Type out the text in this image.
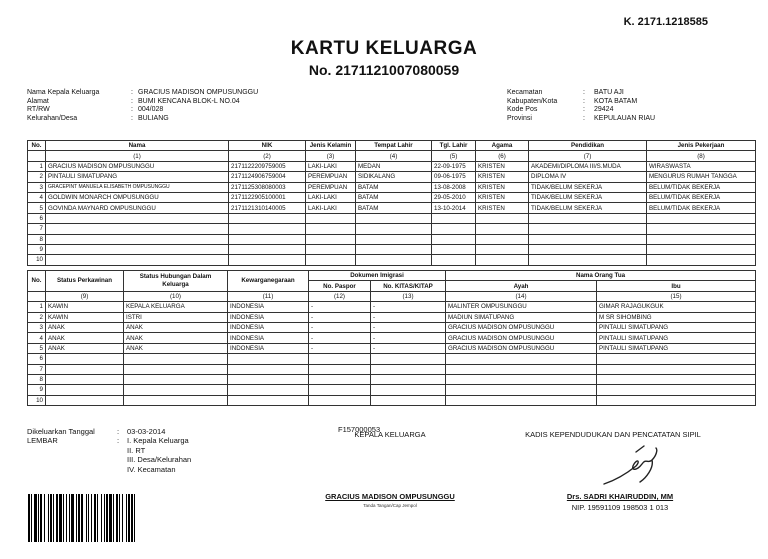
K. 2171.1218585
KARTU KELUARGA
No. 2171121007080059
Nama Kepala Keluarga	: GRACIUS MADISON OMPUSUNGGU
Alamat	: BUMI KENCANA BLOK-L NO.04
RT/RW	: 004/028
Kelurahan/Desa	: BULIANG
Kecamatan	:	BATU AJI
Kabupaten/Kota	:	KOTA BATAM
Kode Pos	:	29424
Provinsi	:	KEPULAUAN RIAU
No.	Nama	NIK	Jenis Kelamin	Tempat Lahir	Tgl. Lahir	Agama	Pendidikan	Jenis Pekerjaan
	(1)	(2)	(3)	(4)	(5)	(6)	(7)	(8)
1	GRACIUS MADISON OMPUSUNGGU	2171122209759005	LAKI-LAKI	MEDAN	22-09-1975	KRISTEN	AKADEMI/DIPLOMA III/S.MUDA	WIRASWASTA
2	PINTAULI SIMATUPANG	2171124906759004	PEREMPUAN	SIDIKALANG	09-06-1975	KRISTEN	DIPLOMA IV	MENGURUS RUMAH TANGGA
3	GRACEPINT MANUELA ELISABETH OMPUSUNGGU	2171125308080003	PEREMPUAN	BATAM	13-08-2008	KRISTEN	TIDAK/BELUM SEKERJA	BELUM/TIDAK BEKERJA
4	GOLDWIN MONARCH OMPUSUNGGU	2171122905100001	LAKI-LAKI	BATAM	29-05-2010	KRISTEN	TIDAK/BELUM SEKERJA	BELUM/TIDAK BEKERJA
5	GOVINDA MAYNARD OMPUSUNGGU	2171121310140005	LAKI-LAKI	BATAM	13-10-2014	KRISTEN	TIDAK/BELUM SEKERJA	BELUM/TIDAK BEKERJA
6								
7								
8								
9								
10								
No.	Status Perkawinan	Status Hubungan Dalam Keluarga	Kewarganegaraan	Dokumen Imigrasi		Nama Orang Tua	
				No. Paspor	No. KITAS/KITAP	Ayah	Ibu
	(9)	(10)	(11)	(12)	(13)	(14)	(15)
1	KAWIN	KEPALA KELUARGA	INDONESIA	-	-	MALINTER OMPUSUNGGU	GIMAR RAJAGUKGUK
2	KAWIN	ISTRI	INDONESIA	-	-	MADIUN SIMATUPANG	M SR SIHOMBING
3	ANAK	ANAK	INDONESIA	-	-	GRACIUS MADISON OMPUSUNGGU	PINTAULI SIMATUPANG
4	ANAK	ANAK	INDONESIA	-	-	GRACIUS MADISON OMPUSUNGGU	PINTAULI SIMATUPANG
5	ANAK	ANAK	INDONESIA	-	-	GRACIUS MADISON OMPUSUNGGU	PINTAULI SIMATUPANG
6							
7							
8							
9							
10							
Dikeluarkan Tanggal	:	03-03-2014
LEMBAR	:	I. Kepala Keluarga
II. RT
III. Desa/Kelurahan
IV. Kecamatan
F157000053
KEPALA KELUARGA	KADIS KEPENDUDUKAN DAN PENCATATAN SIPIL
GRACIUS MADISON OMPUSUNGGU
Tanda Tangan/Cap Jempol
Drs. SADRI KHAIRUDDIN, MM
NIP. 19591109 198503 1 013
